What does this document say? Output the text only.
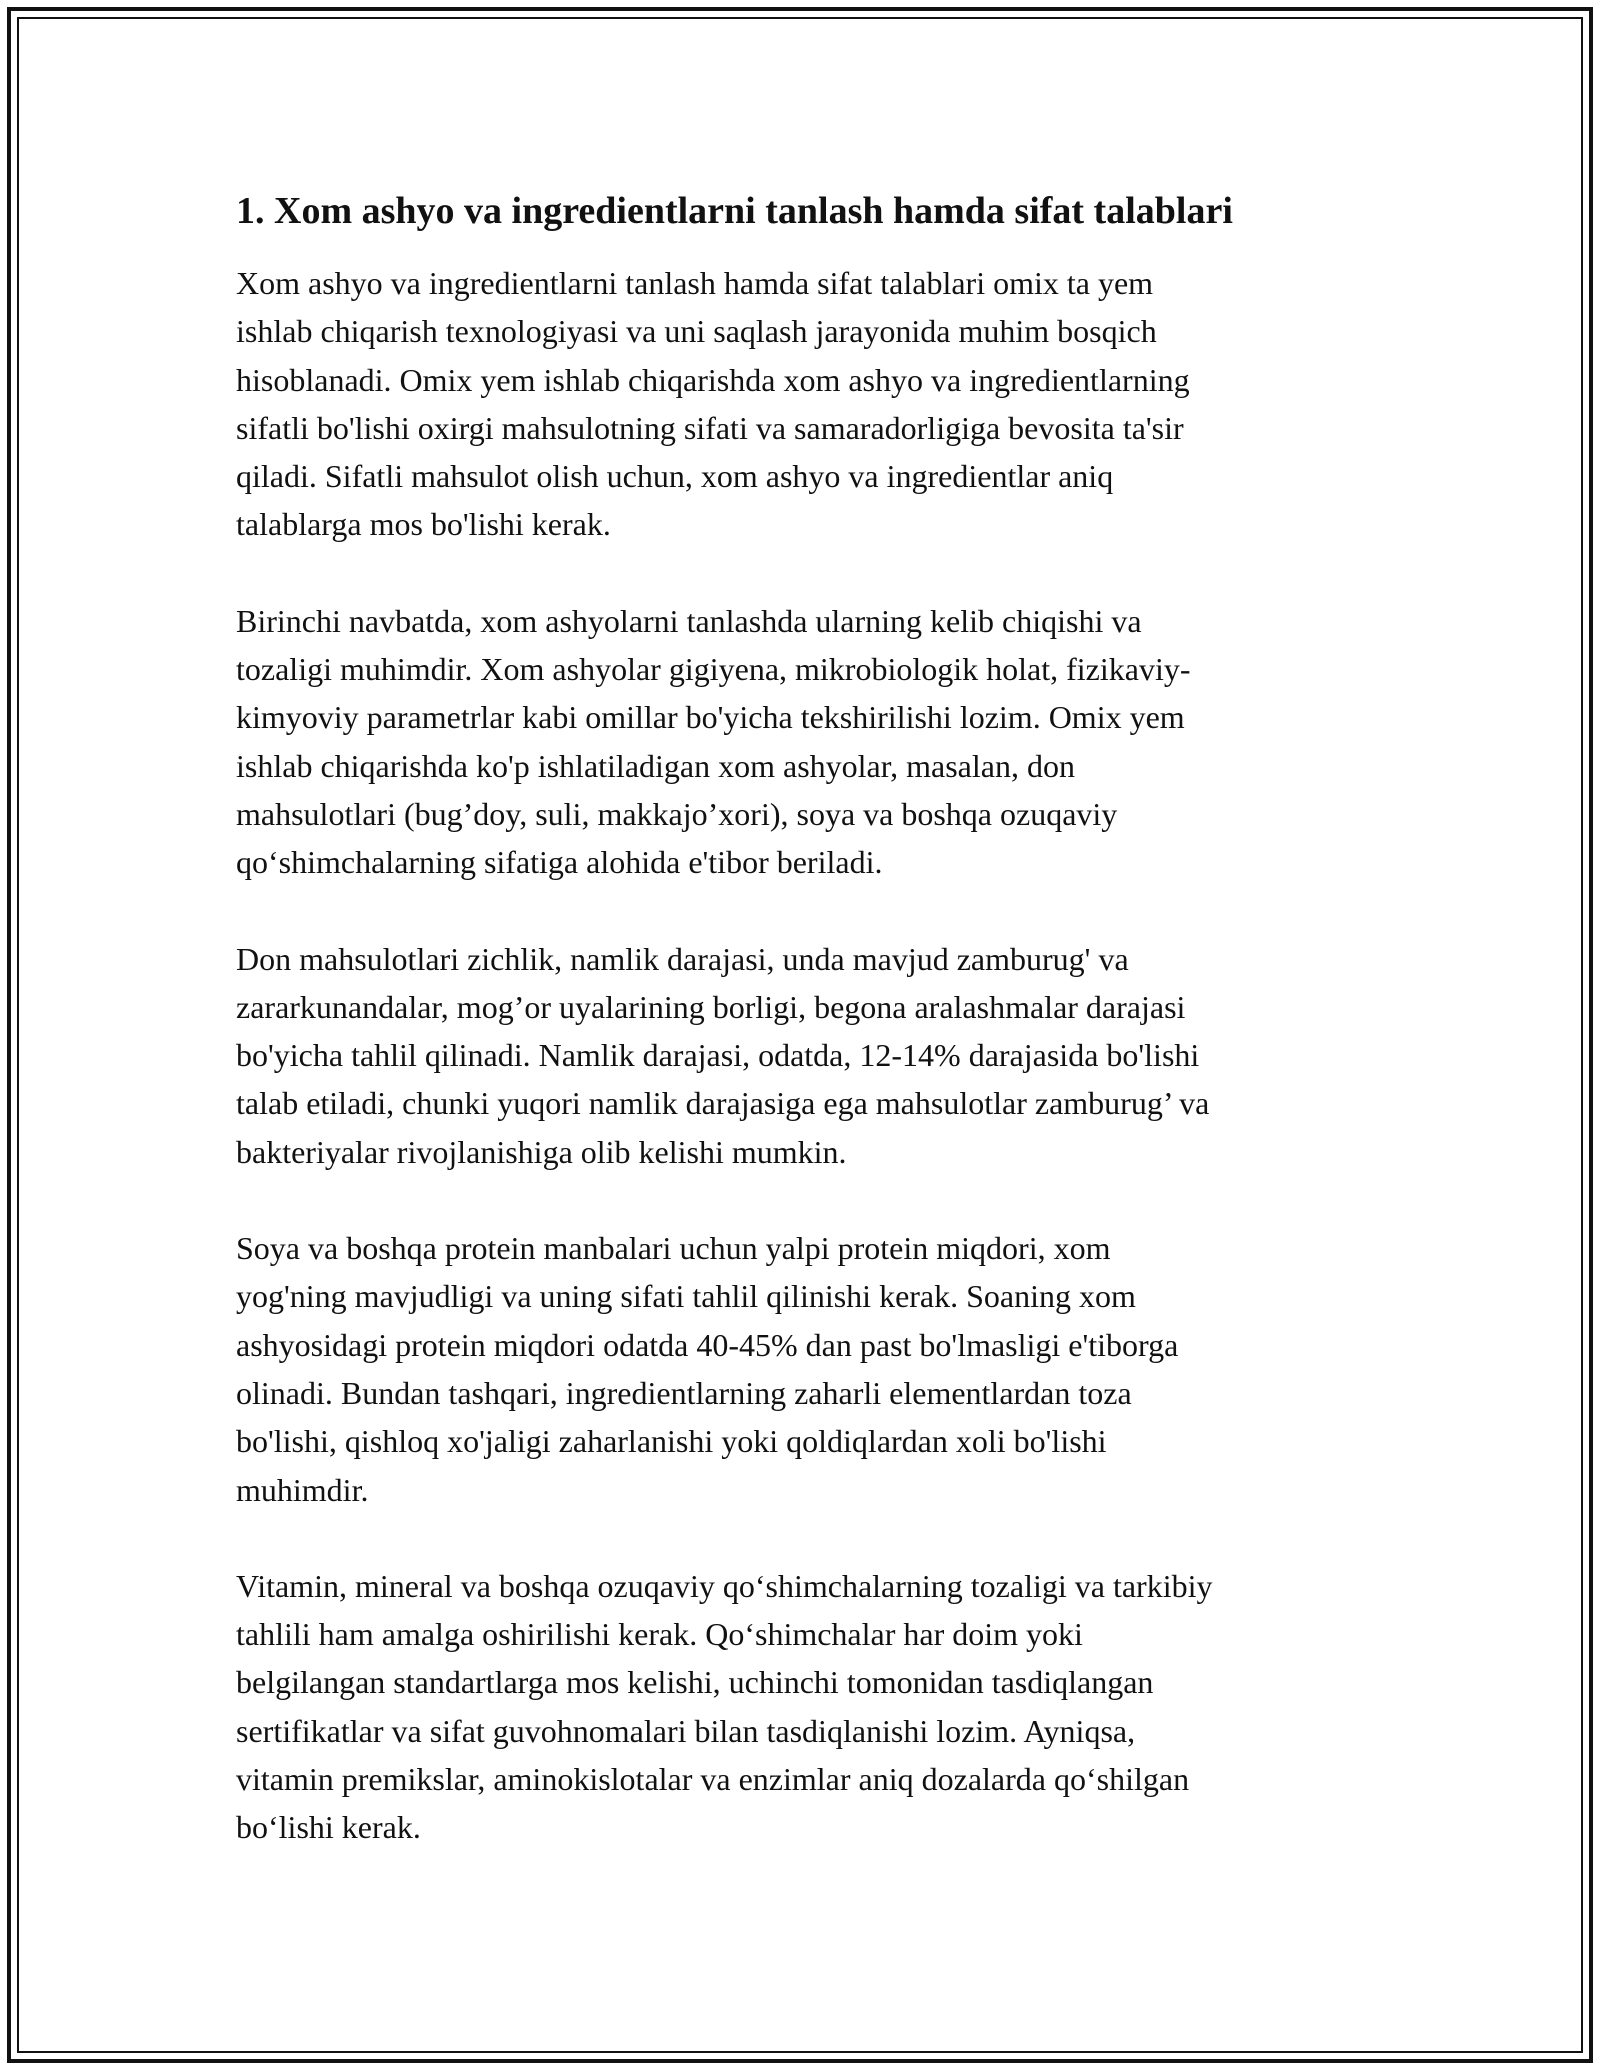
1. Xom ashyo va ingredientlarni tanlash hamda sifat talablari

Xom ashyo va ingredientlarni tanlash hamda sifat talablari omix ta yem
ishlab chiqarish texnologiyasi va uni saqlash jarayonida muhim bosqich
hisoblanadi. Omix yem ishlab chiqarishda xom ashyo va ingredientlarning
sifatli bo'lishi oxirgi mahsulotning sifati va samaradorligiga bevosita ta'sir
qiladi. Sifatli mahsulot olish uchun, xom ashyo va ingredientlar aniq
talablarga mos bo'lishi kerak.

Birinchi navbatda, xom ashyolarni tanlashda ularning kelib chiqishi va
tozaligi muhimdir. Xom ashyolar gigiyena, mikrobiologik holat, fizikaviy-
kimyoviy parametrlar kabi omillar bo'yicha tekshirilishi lozim. Omix yem
ishlab chiqarishda ko'p ishlatiladigan xom ashyolar, masalan, don
mahsulotlari (bug’doy, suli, makkajo’xori), soya va boshqa ozuqaviy
qo‘shimchalarning sifatiga alohida e'tibor beriladi.

Don mahsulotlari zichlik, namlik darajasi, unda mavjud zamburug' va
zararkunandalar, mog’or uyalarining borligi, begona aralashmalar darajasi
bo'yicha tahlil qilinadi. Namlik darajasi, odatda, 12-14% darajasida bo'lishi
talab etiladi, chunki yuqori namlik darajasiga ega mahsulotlar zamburug’ va
bakteriyalar rivojlanishiga olib kelishi mumkin.

Soya va boshqa protein manbalari uchun yalpi protein miqdori, xom
yog'ning mavjudligi va uning sifati tahlil qilinishi kerak. Soaning xom
ashyosidagi protein miqdori odatda 40-45% dan past bo'lmasligi e'tiborga
olinadi. Bundan tashqari, ingredientlarning zaharli elementlardan toza
bo'lishi, qishloq xo'jaligi zaharlanishi yoki qoldiqlardan xoli bo'lishi
muhimdir.

Vitamin, mineral va boshqa ozuqaviy qo‘shimchalarning tozaligi va tarkibiy
tahlili ham amalga oshirilishi kerak. Qo‘shimchalar har doim yoki
belgilangan standartlarga mos kelishi, uchinchi tomonidan tasdiqlangan
sertifikatlar va sifat guvohnomalari bilan tasdiqlanishi lozim. Ayniqsa,
vitamin premikslar, aminokislotalar va enzimlar aniq dozalarda qo‘shilgan
bo‘lishi kerak.
